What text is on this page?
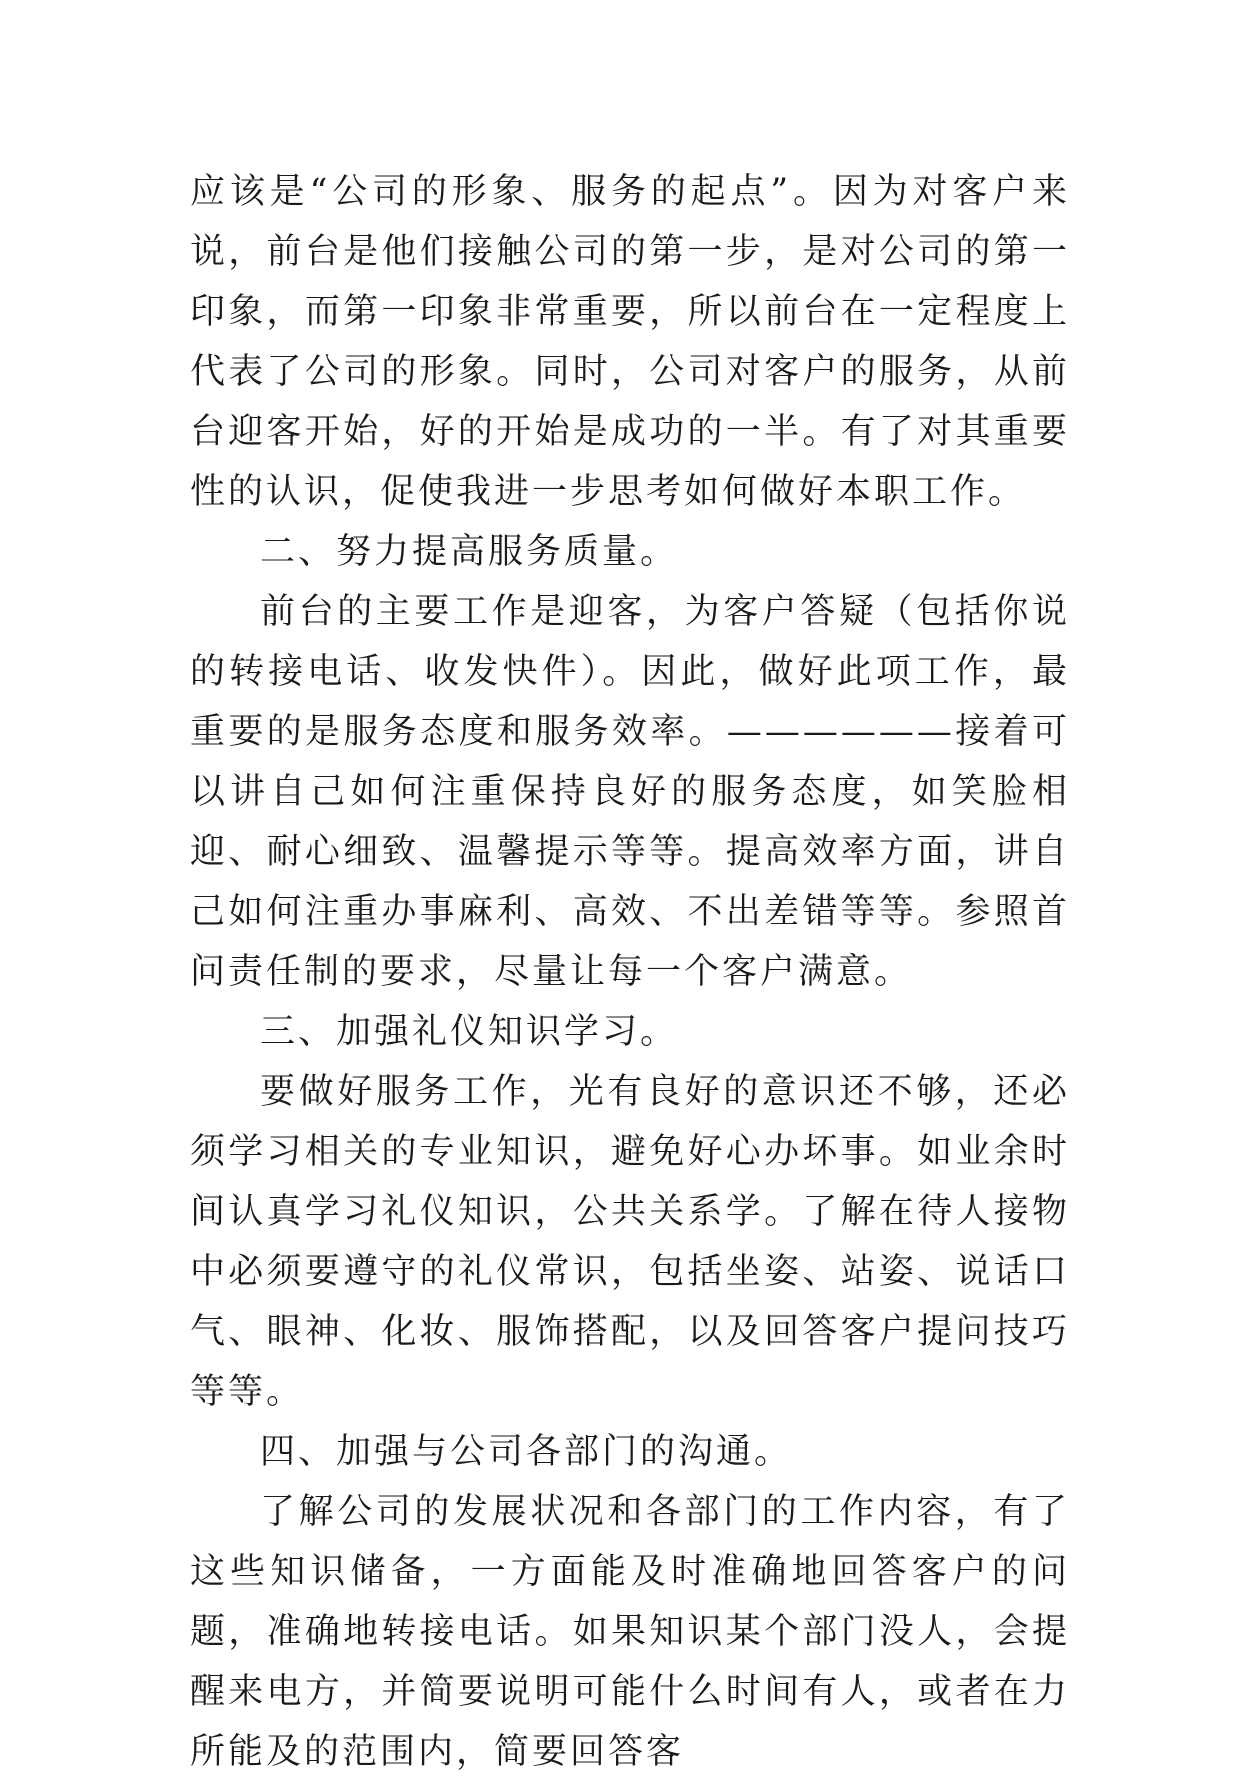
应该是“公司的形象、服务的起点”。因为对客户来说，前台是他们接触公司的第一步，是对公司的第一印象，而第一印象非常重要，所以前台在一定程度上代表了公司的形象。同时，公司对客户的服务，从前台迎客开始，好的开始是成功的一半。有了对其重要性的认识，促使我进一步思考如何做好本职工作。

二、努力提高服务质量。

前台的主要工作是迎客，为客户答疑（包括你说的转接电话、收发快件）。因此，做好此项工作，最重要的是服务态度和服务效率。——————接着可以讲自己如何注重保持良好的服务态度，如笑脸相迎、耐心细致、温馨提示等等。提高效率方面，讲自己如何注重办事麻利、高效、不出差错等等。参照首问责任制的要求，尽量让每一个客户满意。

三、加强礼仪知识学习。

要做好服务工作，光有良好的意识还不够，还必须学习相关的专业知识，避免好心办坏事。如业余时间认真学习礼仪知识，公共关系学。了解在待人接物中必须要遵守的礼仪常识，包括坐姿、站姿、说话口气、眼神、化妆、服饰搭配，以及回答客户提问技巧等等。

四、加强与公司各部门的沟通。

了解公司的发展状况和各部门的工作内容，有了这些知识储备，一方面能及时准确地回答客户的问题，准确地转接电话。如果知识某个部门没人，会提醒来电方，并简要说明可能什么时间有人，或者在力所能及的范围内，简要回答客
